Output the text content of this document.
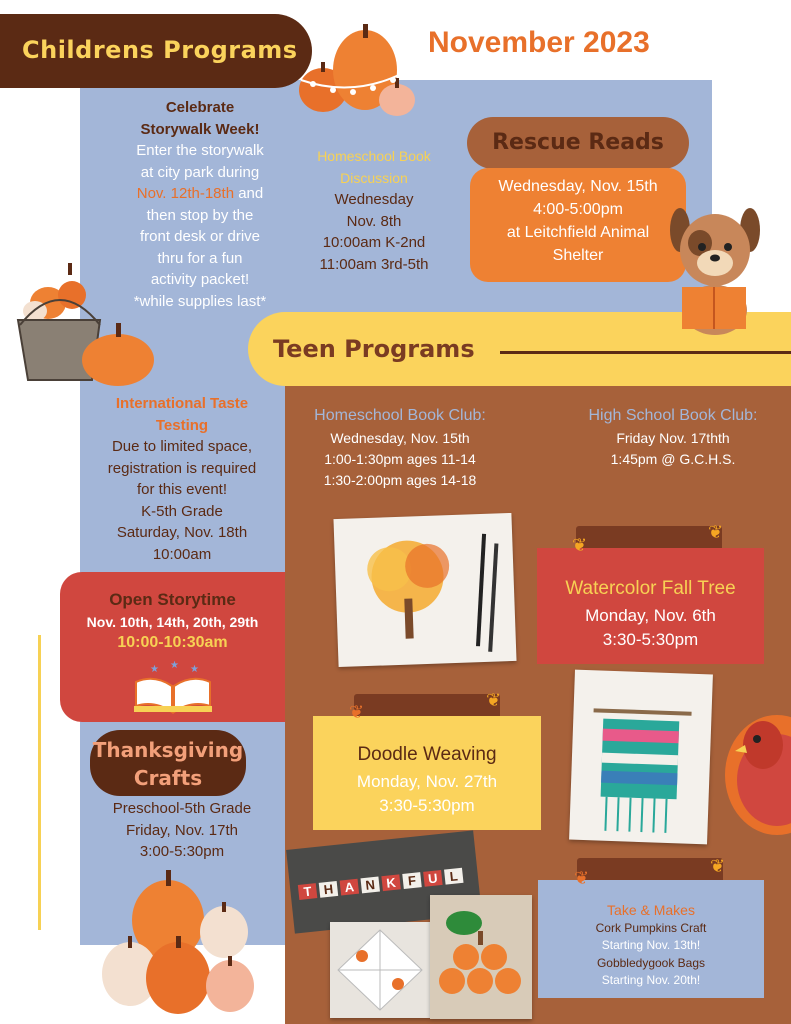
Childrens Programs	November 2023
Celebrate
Storywalk Week!
Enter the storywalk
at city park during
Nov. 12th-18th and
then stop by the
front desk or drive
thru for a fun
activity packet!
*while supplies last*
Homeschool Book
Discussion
Wednesday
Nov. 8th
10:00am K-2nd
11:00am 3rd-5th
Rescue Reads
Wednesday, Nov. 15th
4:00-5:00pm
at Leitchfield Animal
Shelter
Teen Programs
International Taste
Testing
Due to limited space,
registration is required
for this event!
K-5th Grade
Saturday, Nov. 18th
10:00am
Homeschool Book Club:
Wednesday, Nov. 15th
1:00-1:30pm ages 11-14
1:30-2:00pm ages 14-18
High School Book Club:
Friday Nov. 17thth
1:45pm @ G.C.H.S.
Watercolor Fall Tree
Monday, Nov. 6th
3:30-5:30pm
Open Storytime
Nov. 10th, 14th, 20th, 29th
10:00-10:30am
★ ★ ★
Thanksgiving
Crafts
Preschool-5th Grade
Friday, Nov. 17th
3:00-5:30pm
Doodle Weaving
Monday, Nov. 27th
3:30-5:30pm
T H A N K F U L
Take & Makes
Cork Pumpkins Craft
Starting Nov. 13th!
Gobbledygook Bags
Starting Nov. 20th!
❦
❦
❦
❦
❦
❦
